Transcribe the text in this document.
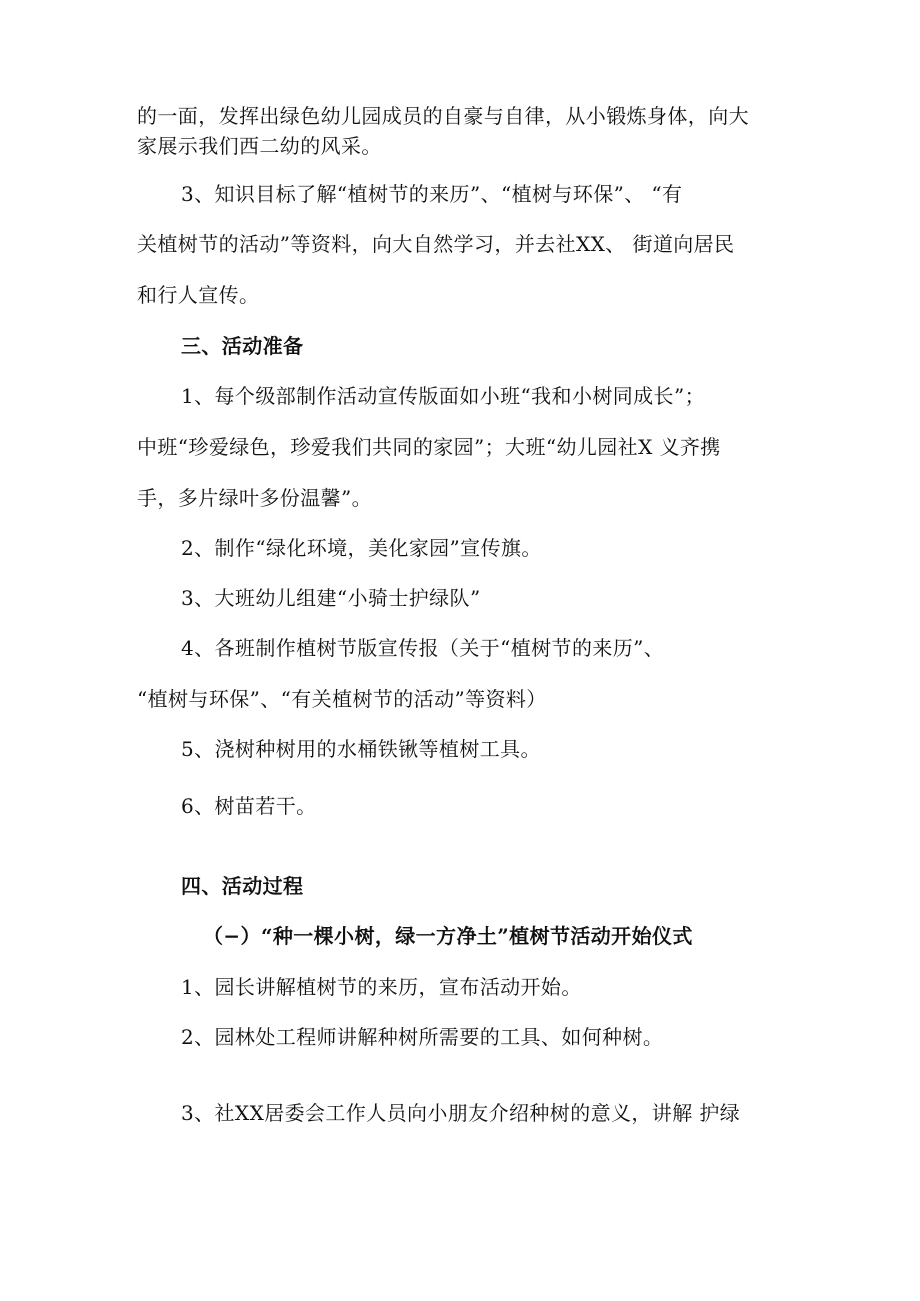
的一面，发挥出绿色幼儿园成员的自豪与自律，从小锻炼身体，向大
家展示我们西二幼的风采。
3、知识目标了解“植树节的来历”、“植树与环保”、 “有
关植树节的活动”等资料，向大自然学习，并去社XX、 街道向居民
和行人宣传。
三、活动准备
1、每个级部制作活动宣传版面如小班“我和小树同成长”；
中班“珍爱绿色，珍爱我们共同的家园”；大班“幼儿园社X 义齐携
手，多片绿叶多份温馨”。
2、制作“绿化环境，美化家园”宣传旗。
3、大班幼儿组建“小骑士护绿队”
4、各班制作植树节版宣传报（关于“植树节的来历”、
“植树与环保”、“有关植树节的活动”等资料）
5、浇树种树用的水桶铁锹等植树工具。
6、树苗若干。
四、活动过程
（−）“种一棵小树，绿一方净土”植树节活动开始仪式
1、园长讲解植树节的来历，宣布活动开始。
2、园林处工程师讲解种树所需要的工具、如何种树。
3、社XX居委会工作人员向小朋友介绍种树的意义，讲解 护绿
